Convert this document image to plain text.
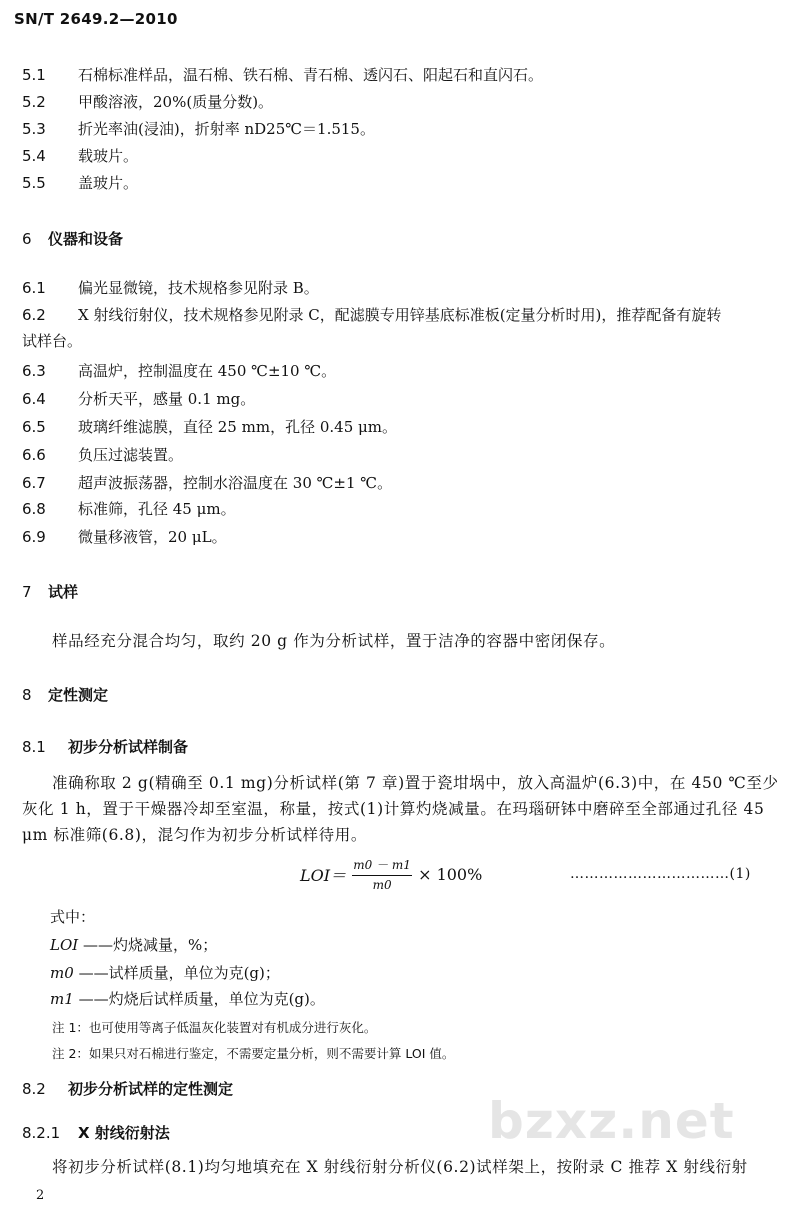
SN/T 2649.2—2010
5.1 石棉标准样品，温石棉、铁石棉、青石棉、透闪石、阳起石和直闪石。
5.2 甲酸溶液，20%(质量分数)。
5.3 折光率油(浸油)，折射率 nD25℃＝1.515。
5.4 载玻片。
5.5 盖玻片。
6 仪器和设备
6.1 偏光显微镜，技术规格参见附录 B。
6.2 X 射线衍射仪，技术规格参见附录 C，配滤膜专用锌基底标准板(定量分析时用)，推荐配备有旋转
试样台。
6.3 高温炉，控制温度在 450 ℃±10 ℃。
6.4 分析天平，感量 0.1 mg。
6.5 玻璃纤维滤膜，直径 25 mm，孔径 0.45 μm。
6.6 负压过滤装置。
6.7 超声波振荡器，控制水浴温度在 30 ℃±1 ℃。
6.8 标准筛，孔径 45 μm。
6.9 微量移液管，20 μL。
7 试样
样品经充分混合均匀，取约 20 g 作为分析试样，置于洁净的容器中密闭保存。
8 定性测定
8.1 初步分析试样制备
准确称取 2 g(精确至 0.1 mg)分析试样(第 7 章)置于瓷坩埚中，放入高温炉(6.3)中，在 450 ℃至少灰化 1 h，置于干燥器冷却至室温，称量，按式(1)计算灼烧减量。在玛瑙研钵中磨碎至全部通过孔径 45 μm 标准筛(6.8)，混匀作为初步分析试样待用。
$LOI= \frac{m0 - m1}{m0} \times 100\%$	……………………………(1)
式中：
LOI ——灼烧减量，%；
m0 ——试样质量，单位为克(g)；
m1 ——灼烧后试样质量，单位为克(g)。
注 1：也可使用等离子低温灰化装置对有机成分进行灰化。
注 2：如果只对石棉进行鉴定，不需要定量分析，则不需要计算 LOI 值。
8.2 初步分析试样的定性测定
8.2.1 X 射线衍射法
将初步分析试样(8.1)均匀地填充在 X 射线衍射分析仪(6.2)试样架上，按附录 C 推荐 X 射线衍射
bzxz.net
2
